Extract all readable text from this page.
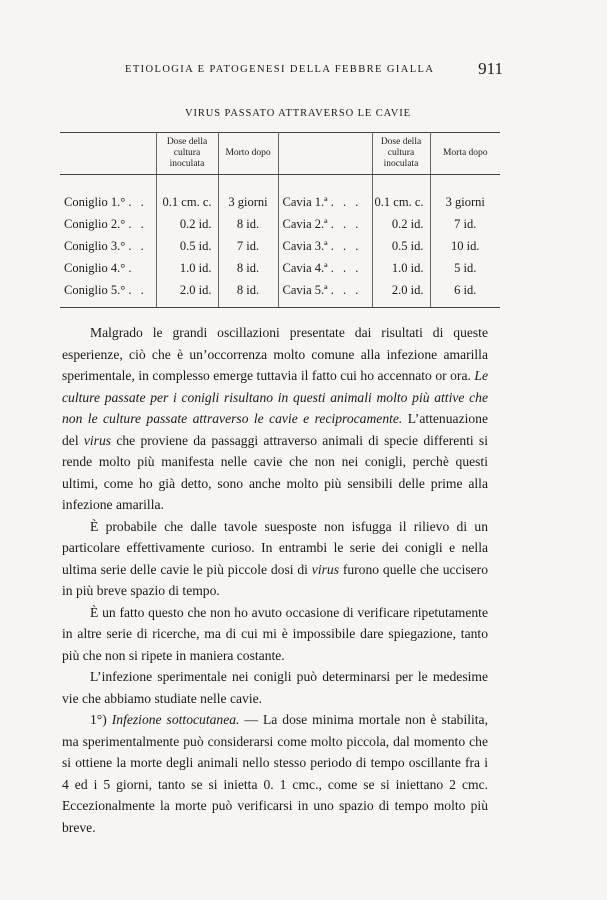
ETIOLOGIA E PATOGENESI DELLA FEBBRE GIALLA	911
VIRUS PASSATO ATTRAVERSO LE CAVIE
	Dose della cultura inoculata	Morto dopo		Dose della cultura inoculata	Morta dopo
Coniglio 1.° . .	0.1 cm. c.	3 giorni	Cavia 1.ª . . .	0.1 cm. c.	3 giorni
Coniglio 2.° . .	0.2 id.	8 id.	Cavia 2.ª . . .	0.2 id.	7 id.
Coniglio 3.° . .	0.5 id.	7 id.	Cavia 3.ª . . .	0.5 id.	10 id.
Coniglio 4.° .	1.0 id.	8 id.	Cavia 4.ª . . .	1.0 id.	5 id.
Coniglio 5.° . .	2.0 id.	8 id.	Cavia 5.ª . . .	2.0 id.	6 id.

Malgrado le grandi oscillazioni presentate dai risultati di queste esperienze, ciò che è un’occorrenza molto comune alla infezione amarilla sperimentale, in complesso emerge tuttavia il fatto cui ho accennato or ora. Le culture passate per i conigli risultano in questi animali molto più attive che non le culture passate attraverso le cavie e reciprocamente. L’attenuazione del virus che proviene da passaggi attraverso animali di specie differenti si rende molto più manifesta nelle cavie che non nei conigli, perchè questi ultimi, come ho già detto, sono anche molto più sensibili delle prime alla infezione amarilla.

È probabile che dalle tavole suesposte non isfugga il rilievo di un particolare effettivamente curioso. In entrambi le serie dei conigli e nella ultima serie delle cavie le più piccole dosi di virus furono quelle che uccisero in più breve spazio di tempo.

È un fatto questo che non ho avuto occasione di verificare ripetutamente in altre serie di ricerche, ma di cui mi è impossibile dare spiegazione, tanto più che non si ripete in maniera costante.

L’infezione sperimentale nei conigli può determinarsi per le medesime vie che abbiamo studiate nelle cavie.

1°) Infezione sottocutanea. — La dose minima mortale non è stabilita, ma sperimentalmente può considerarsi come molto piccola, dal momento che si ottiene la morte degli animali nello stesso periodo di tempo oscillante fra i 4 ed i 5 giorni, tanto se si inietta 0. 1 cmc., come se si iniettano 2 cmc. Eccezionalmente la morte può verificarsi in uno spazio di tempo molto più breve.
